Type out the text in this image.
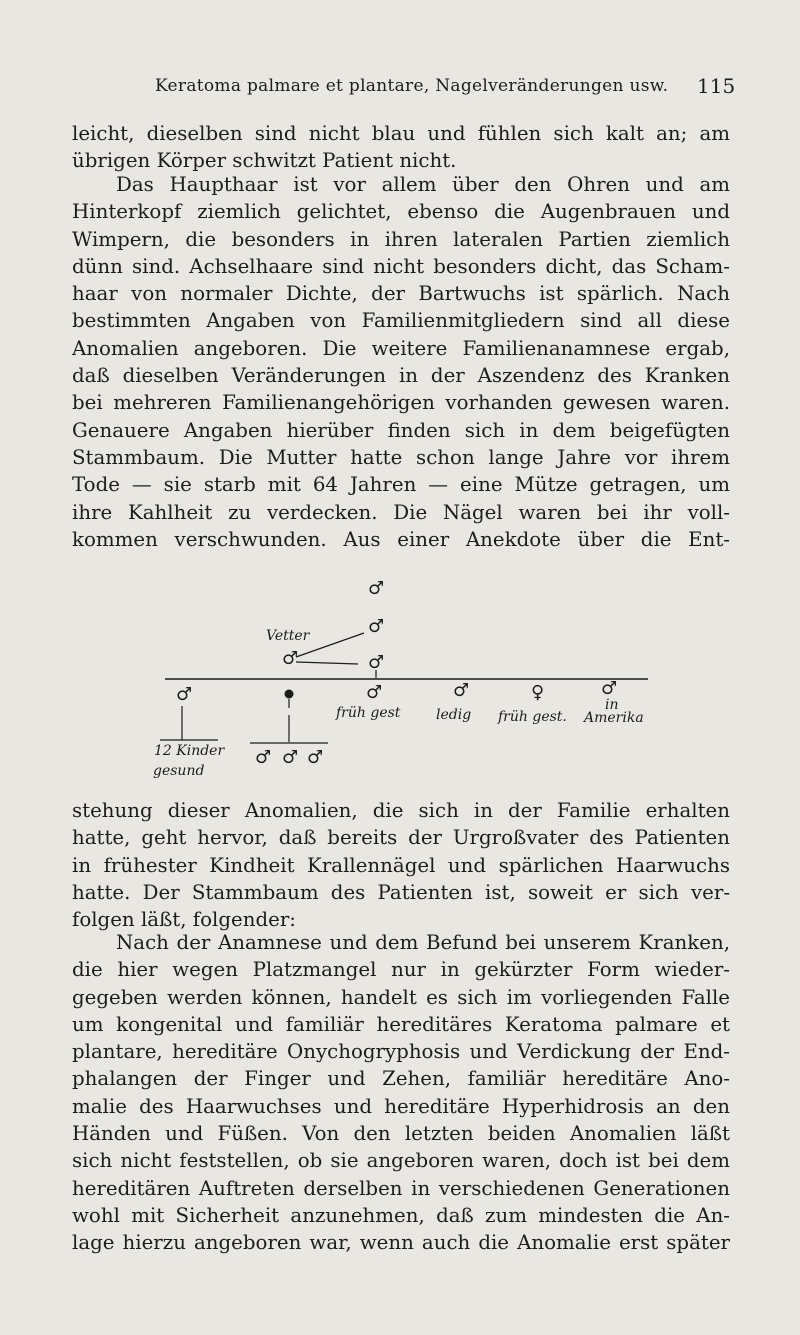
Keratoma palmare et plantare, Nagelveränderungen usw. 115

leicht, dieselben sind nicht blau und fühlen sich kalt an; am
übrigen Körper schwitzt Patient nicht.

Das Haupthaar ist vor allem über den Ohren und am
Hinterkopf ziemlich gelichtet, ebenso die Augenbrauen und
Wimpern, die besonders in ihren lateralen Partien ziemlich
dünn sind. Achselhaare sind nicht besonders dicht, das Scham-
haar von normaler Dichte, der Bartwuchs ist spärlich. Nach
bestimmten Angaben von Familienmitgliedern sind all diese
Anomalien angeboren. Die weitere Familienanamnese ergab,
daß dieselben Veränderungen in der Aszendenz des Kranken
bei mehreren Familienangehörigen vorhanden gewesen waren.
Genauere Angaben hierüber finden sich in dem beigefügten
Stammbaum. Die Mutter hatte schon lange Jahre vor ihrem
Tode — sie starb mit 64 Jahren — eine Mütze getragen, um
ihre Kahlheit zu verdecken. Die Nägel waren bei ihr voll-
kommen verschwunden. Aus einer Anekdote über die Ent-

♂
♂
♂
Vetter
♂
♂
12 Kinder
gesund
♂ ♂ ♂
♂
früh gest
♂
ledig
♀
früh gest.
♂
in
Amerika

stehung dieser Anomalien, die sich in der Familie erhalten
hatte, geht hervor, daß bereits der Urgroßvater des Patienten
in frühester Kindheit Krallennägel und spärlichen Haarwuchs
hatte. Der Stammbaum des Patienten ist, soweit er sich ver-
folgen läßt, folgender:

Nach der Anamnese und dem Befund bei unserem Kranken,
die hier wegen Platzmangel nur in gekürzter Form wieder-
gegeben werden können, handelt es sich im vorliegenden Falle
um kongenital und familiär hereditäres Keratoma palmare et
plantare, hereditäre Onychogryphosis und Verdickung der End-
phalangen der Finger und Zehen, familiär hereditäre Ano-
malie des Haarwuchses und hereditäre Hyperhidrosis an den
Händen und Füßen. Von den letzten beiden Anomalien läßt
sich nicht feststellen, ob sie angeboren waren, doch ist bei dem
hereditären Auftreten derselben in verschiedenen Generationen
wohl mit Sicherheit anzunehmen, daß zum mindesten die An-
lage hierzu angeboren war, wenn auch die Anomalie erst später
